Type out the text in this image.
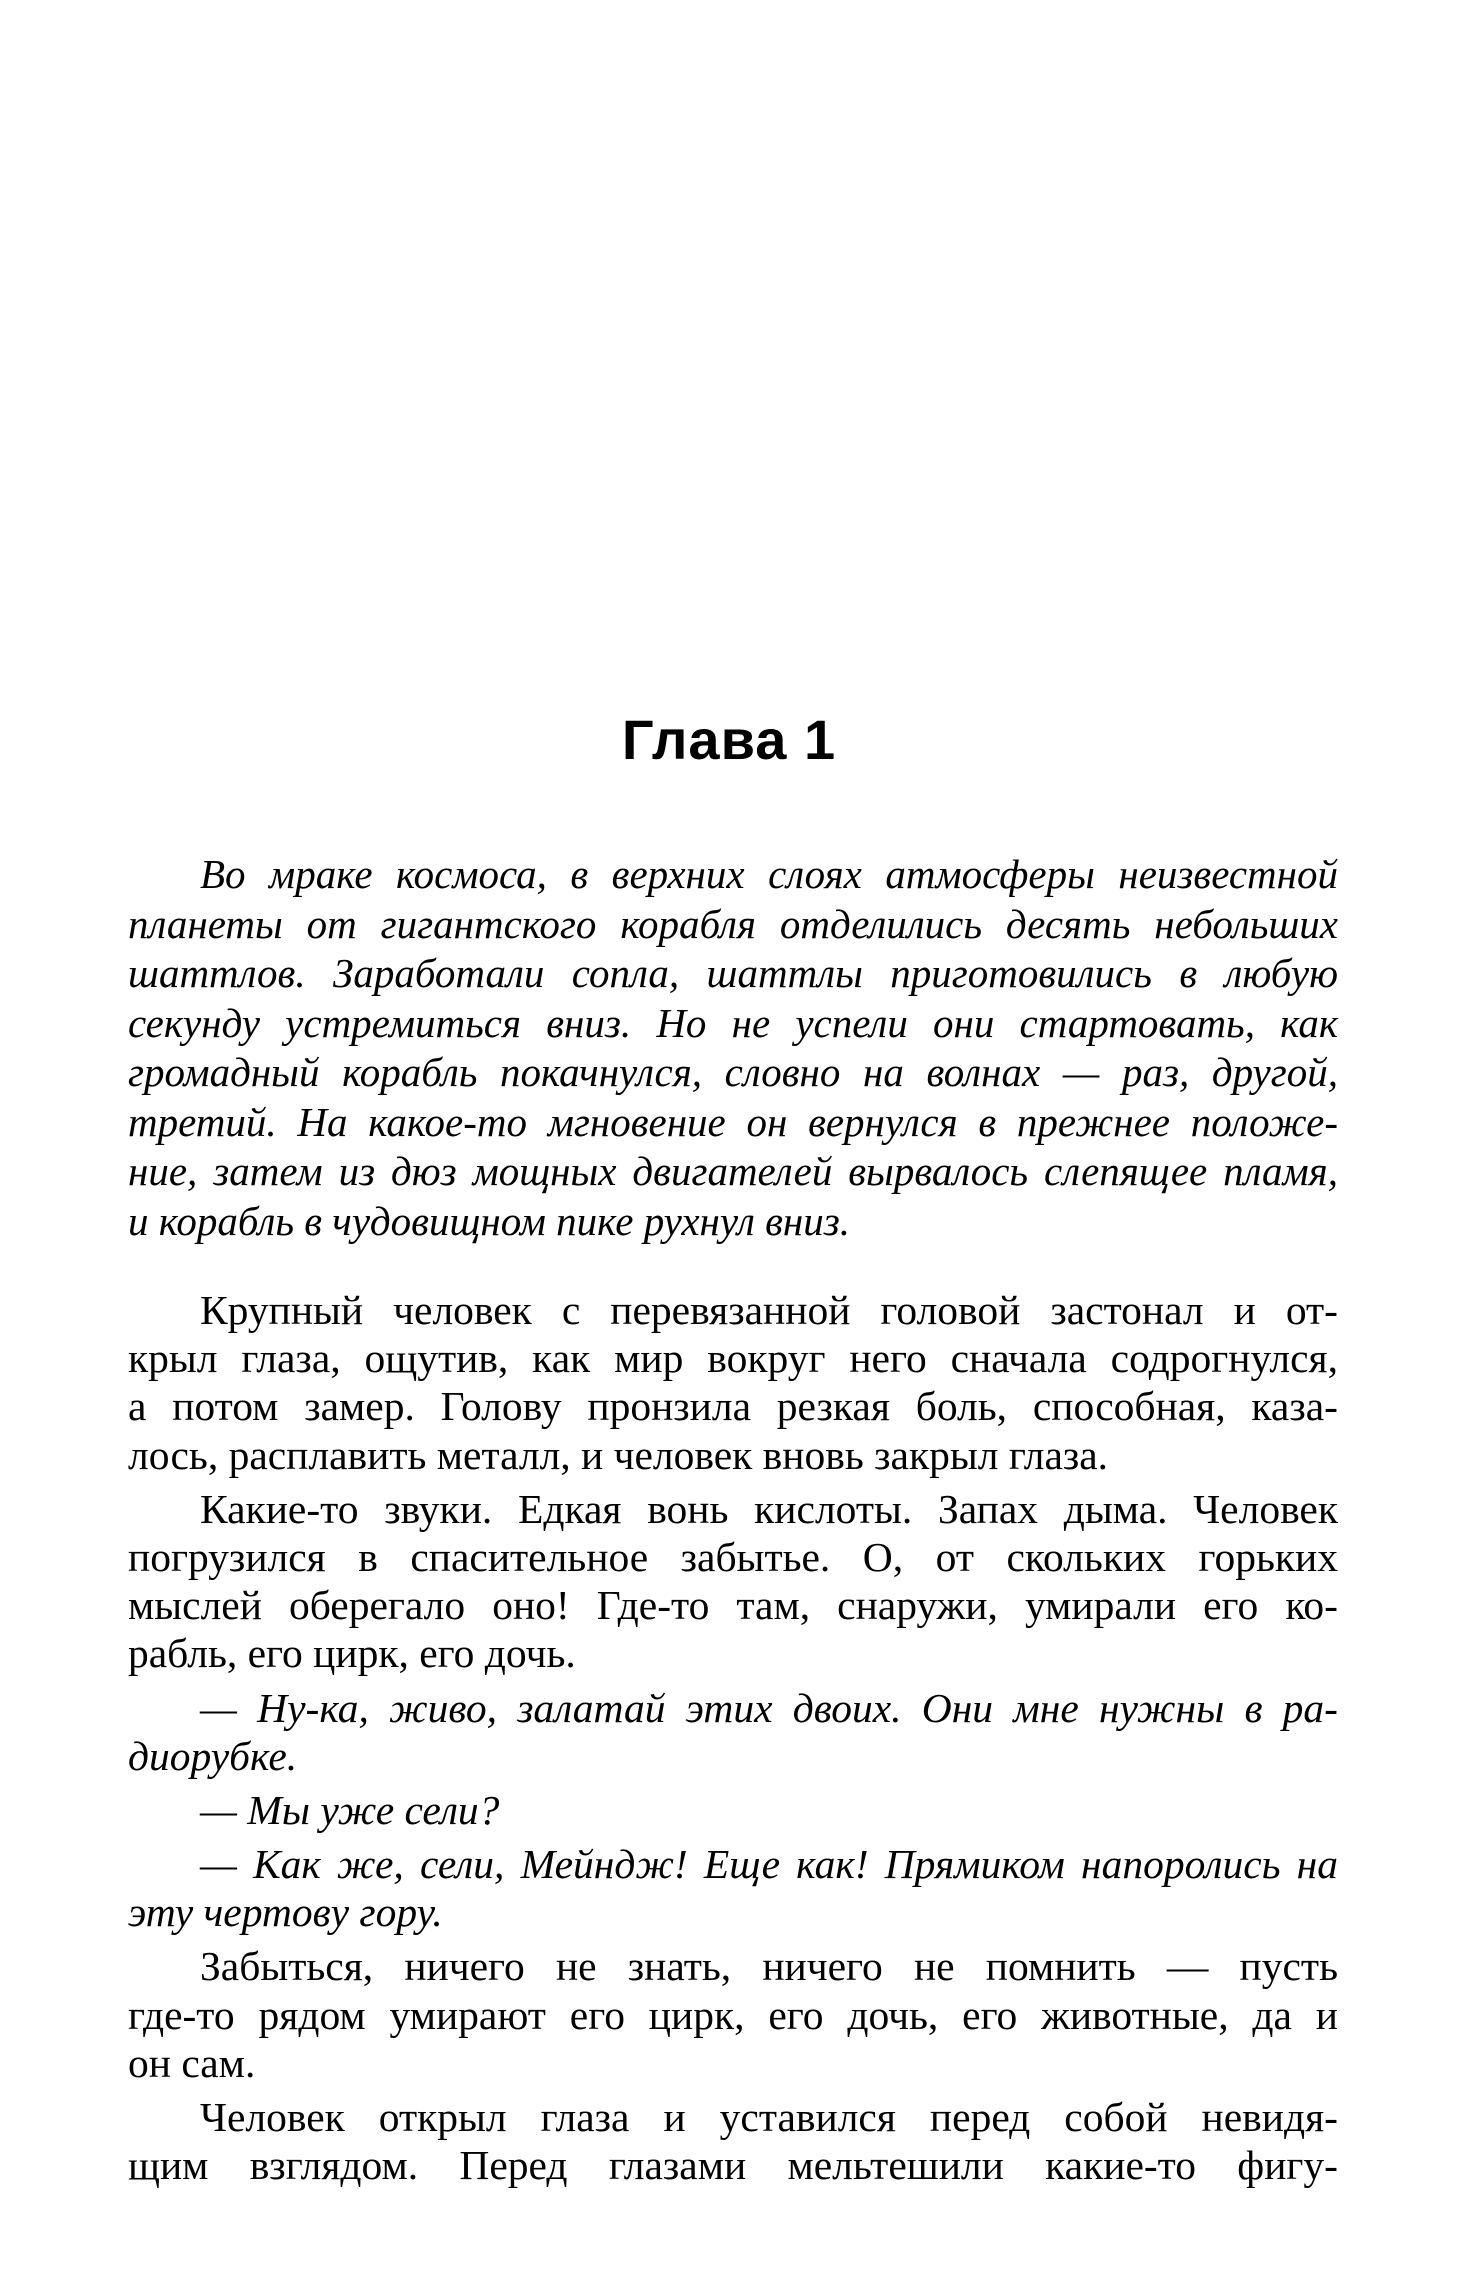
Глава 1
Во мраке космоса, в верхних слоях атмосферы неизвестной
планеты от гигантского корабля отделились десять небольших
шаттлов. Заработали сопла, шаттлы приготовились в любую
секунду устремиться вниз. Но не успели они стартовать, как
громадный корабль покачнулся, словно на волнах — раз, другой,
третий. На какое-то мгновение он вернулся в прежнее положе-
ние, затем из дюз мощных двигателей вырвалось слепящее пламя,
и корабль в чудовищном пике рухнул вниз.
Крупный человек с перевязанной головой застонал и от-
крыл глаза, ощутив, как мир вокруг него сначала содрогнулся,
а потом замер. Голову пронзила резкая боль, способная, каза-
лось, расплавить металл, и человек вновь закрыл глаза.
Какие-то звуки. Едкая вонь кислоты. Запах дыма. Человек
погрузился в спасительное забытье. О, от скольких горьких
мыслей оберегало оно! Где-то там, снаружи, умирали его ко-
рабль, его цирк, его дочь.
— Ну-ка, живо, залатай этих двоих. Они мне нужны в ра-
диорубке.
— Мы уже сели?
— Как же, сели, Мейндж! Еще как! Прямиком напоролись на
эту чертову гору.
Забыться, ничего не знать, ничего не помнить — пусть
где-то рядом умирают его цирк, его дочь, его животные, да и
он сам.
Человек открыл глаза и уставился перед собой невидя-
щим взглядом. Перед глазами мельтешили какие-то фигу-
